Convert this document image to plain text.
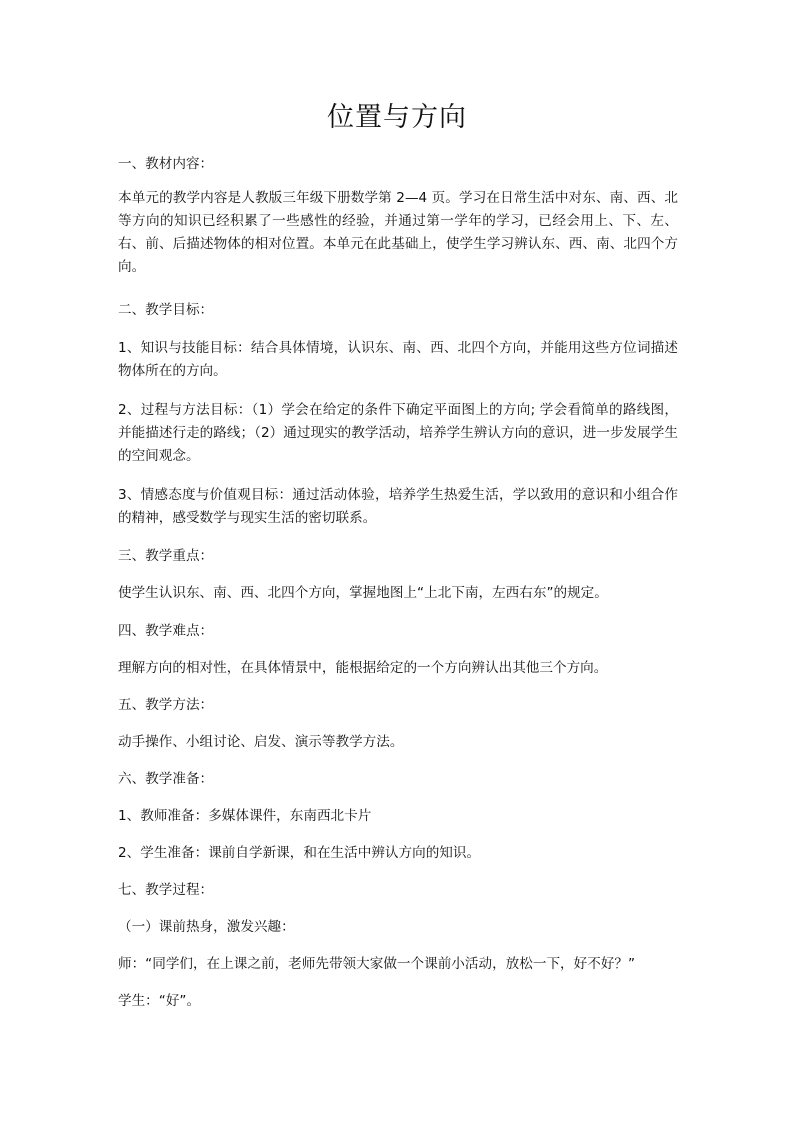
位置与方向

一、教材内容：

本单元的教学内容是人教版三年级下册数学第 2—4 页。学习在日常生活中对东、南、西、北等方向的知识已经积累了一些感性的经验，并通过第一学年的学习，已经会用上、下、左、右、前、后描述物体的相对位置。本单元在此基础上，使学生学习辨认东、西、南、北四个方向。

二、教学目标：

1、知识与技能目标：结合具体情境，认识东、南、西、北四个方向，并能用这些方位词描述物体所在的方向。

2、过程与方法目标：（1）学会在给定的条件下确定平面图上的方向; 学会看简单的路线图，并能描述行走的路线；（2）通过现实的教学活动，培养学生辨认方向的意识，进一步发展学生的空间观念。

3、情感态度与价值观目标：通过活动体验，培养学生热爱生活，学以致用的意识和小组合作的精神，感受数学与现实生活的密切联系。

三、教学重点：

使学生认识东、南、西、北四个方向，掌握地图上“上北下南，左西右东”的规定。

四、教学难点：

理解方向的相对性，在具体情景中，能根据给定的一个方向辨认出其他三个方向。

五、教学方法：

动手操作、小组讨论、启发、演示等教学方法。

六、教学准备：

1、教师准备：多媒体课件，东南西北卡片

2、学生准备：课前自学新课，和在生活中辨认方向的知识。

七、教学过程：

（一）课前热身，激发兴趣：

师：“同学们，在上课之前，老师先带领大家做一个课前小活动，放松一下，好不好？”

学生：“好”。
